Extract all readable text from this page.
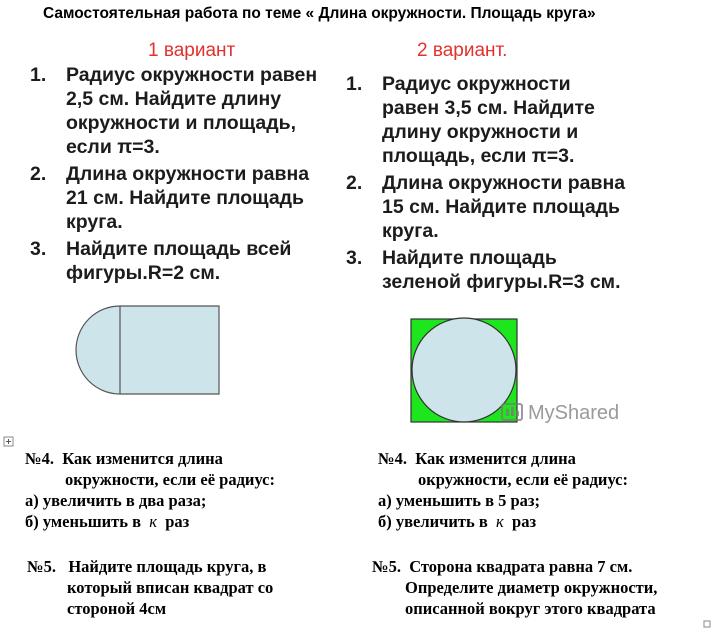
Самостоятельная работа по теме « Длина окружности. Площадь круга»
1 вариант	2 вариант.
1. Радиус окружности равен
2,5 см. Найдите длину
окружности и площадь,
если π=3.
2. Длина окружности равна
21 см. Найдите площадь
круга.
3. Найдите площадь всей
фигуры.R=2 см.
1. Радиус окружности
равен 3,5 см. Найдите
длину окружности и
площадь, если π=3.
2. Длина окружности равна
15 см. Найдите площадь
круга.
3. Найдите площадь
зеленой фигуры.R=3 см.
MyShared
№4. Как изменится длина
окружности, если её радиус:
а) увеличить в два раза;
б) уменьшить в к раз
№4. Как изменится длина
окружности, если её радиус:
а) уменьшить в 5 раз;
б) увеличить в к раз
№5. Найдите площадь круга, в
который вписан квадрат со
стороной 4см
№5. Сторона квадрата равна 7 см.
Определите диаметр окружности,
описанной вокруг этого квадрата
